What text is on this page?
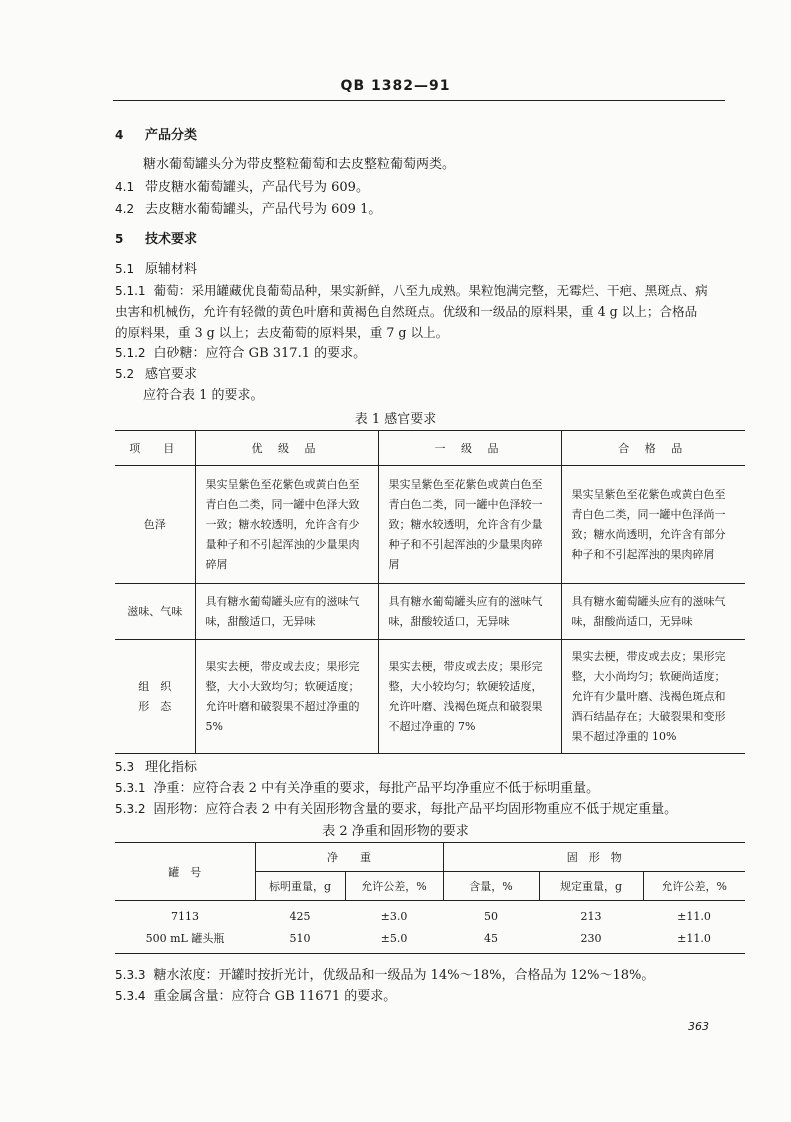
QB 1382—91
4 产品分类
糖水葡萄罐头分为带皮整粒葡萄和去皮整粒葡萄两类。
4.1 带皮糖水葡萄罐头，产品代号为 609。
4.2 去皮糖水葡萄罐头，产品代号为 609 1。
5 技术要求
5.1 原辅材料
5.1.1 葡萄：采用罐藏优良葡萄品种，果实新鲜，八至九成熟。果粒饱满完整，无霉烂、干疤、黑斑点、病
虫害和机械伤，允许有轻微的黄色叶磨和黄褐色自然斑点。优级和一级品的原料果，重 4 g 以上；合格品
的原料果，重 3 g 以上；去皮葡萄的原料果，重 7 g 以上。
5.1.2 白砂糖：应符合 GB 317.1 的要求。
5.2 感官要求
应符合表 1 的要求。
表 1 感官要求
项　目	优 级 品	一 级 品	合 格 品
色泽	果实呈紫色至花紫色或黄白色至青白色二类，同一罐中色泽大致一致；糖水较透明，允许含有少量种子和不引起浑浊的少量果肉碎屑	果实呈紫色至花紫色或黄白色至青白色二类，同一罐中色泽较一致；糖水较透明，允许含有少量种子和不引起浑浊的少量果肉碎屑	果实呈紫色至花紫色或黄白色至青白色二类，同一罐中色泽尚一致；糖水尚透明，允许含有部分种子和不引起浑浊的果肉碎屑
滋味、气味	具有糖水葡萄罐头应有的滋味气味，甜酸适口，无异味	具有糖水葡萄罐头应有的滋味气味，甜酸较适口，无异味	具有糖水葡萄罐头应有的滋味气味，甜酸尚适口，无异味
组　织
形　态	果实去梗，带皮或去皮；果形完整，大小大致均匀；软硬适度；允许叶磨和破裂果不超过净重的 5%	果实去梗，带皮或去皮；果形完整，大小较均匀；软硬较适度，允许叶磨、浅褐色斑点和破裂果不超过净重的 7%	果实去梗，带皮或去皮；果形完整，大小尚均匀；软硬尚适度；允许有少量叶磨、浅褐色斑点和酒石结晶存在；大破裂果和变形果不超过净重的 10%
5.3 理化指标
5.3.1 净重：应符合表 2 中有关净重的要求，每批产品平均净重应不低于标明重量。
5.3.2 固形物：应符合表 2 中有关固形物含量的要求，每批产品平均固形物重应不低于规定重量。
表 2 净重和固形物的要求
罐　号	净　　重		固　形　物		
	标明重量，g	允许公差，%	含量，%	规定重量，g	允许公差，%
7113	425	±3.0	50	213	±11.0
500 mL 罐头瓶	510	±5.0	45	230	±11.0
5.3.3 糖水浓度：开罐时按折光计，优级品和一级品为 14%～18%，合格品为 12%～18%。
5.3.4 重金属含量：应符合 GB 11671 的要求。
363
